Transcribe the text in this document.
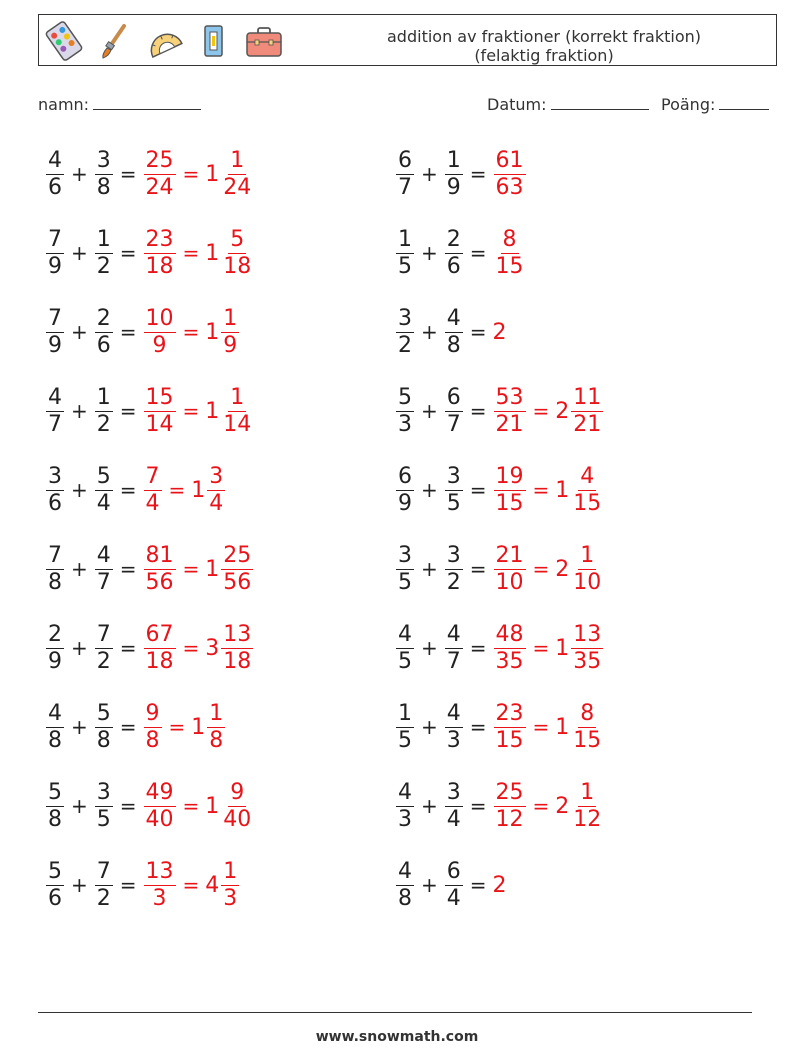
addition av fraktioner (korrekt fraktion)
(felaktig fraktion)
namn:	Datum:	Poäng:
$\frac{4}{6} + \frac{3}{8} = \frac{25}{24} = 1 \frac{1}{24}$
$\frac{7}{9} + \frac{1}{2} = \frac{23}{18} = 1 \frac{5}{18}$
$\frac{7}{9} + \frac{2}{6} = \frac{10}{9} = 1 \frac{1}{9}$
$\frac{4}{7} + \frac{1}{2} = \frac{15}{14} = 1 \frac{1}{14}$
$\frac{3}{6} + \frac{5}{4} = \frac{7}{4} = 1 \frac{3}{4}$
$\frac{7}{8} + \frac{4}{7} = \frac{81}{56} = 1 \frac{25}{56}$
$\frac{2}{9} + \frac{7}{2} = \frac{67}{18} = 3 \frac{13}{18}$
$\frac{4}{8} + \frac{5}{8} = \frac{9}{8} = 1 \frac{1}{8}$
$\frac{5}{8} + \frac{3}{5} = \frac{49}{40} = 1 \frac{9}{40}$
$\frac{5}{6} + \frac{7}{2} = \frac{13}{3} = 4 \frac{1}{3}$
$\frac{6}{7} + \frac{1}{9} = \frac{61}{63}$
$\frac{1}{5} + \frac{2}{6} = \frac{8}{15}$
$\frac{3}{2} + \frac{4}{8} = 2$
$\frac{5}{3} + \frac{6}{7} = \frac{53}{21} = 2 \frac{11}{21}$
$\frac{6}{9} + \frac{3}{5} = \frac{19}{15} = 1 \frac{4}{15}$
$\frac{3}{5} + \frac{3}{2} = \frac{21}{10} = 2 \frac{1}{10}$
$\frac{4}{5} + \frac{4}{7} = \frac{48}{35} = 1 \frac{13}{35}$
$\frac{1}{5} + \frac{4}{3} = \frac{23}{15} = 1 \frac{8}{15}$
$\frac{4}{3} + \frac{3}{4} = \frac{25}{12} = 2 \frac{1}{12}$
$\frac{4}{8} + \frac{6}{4} = 2$
www.snowmath.com
